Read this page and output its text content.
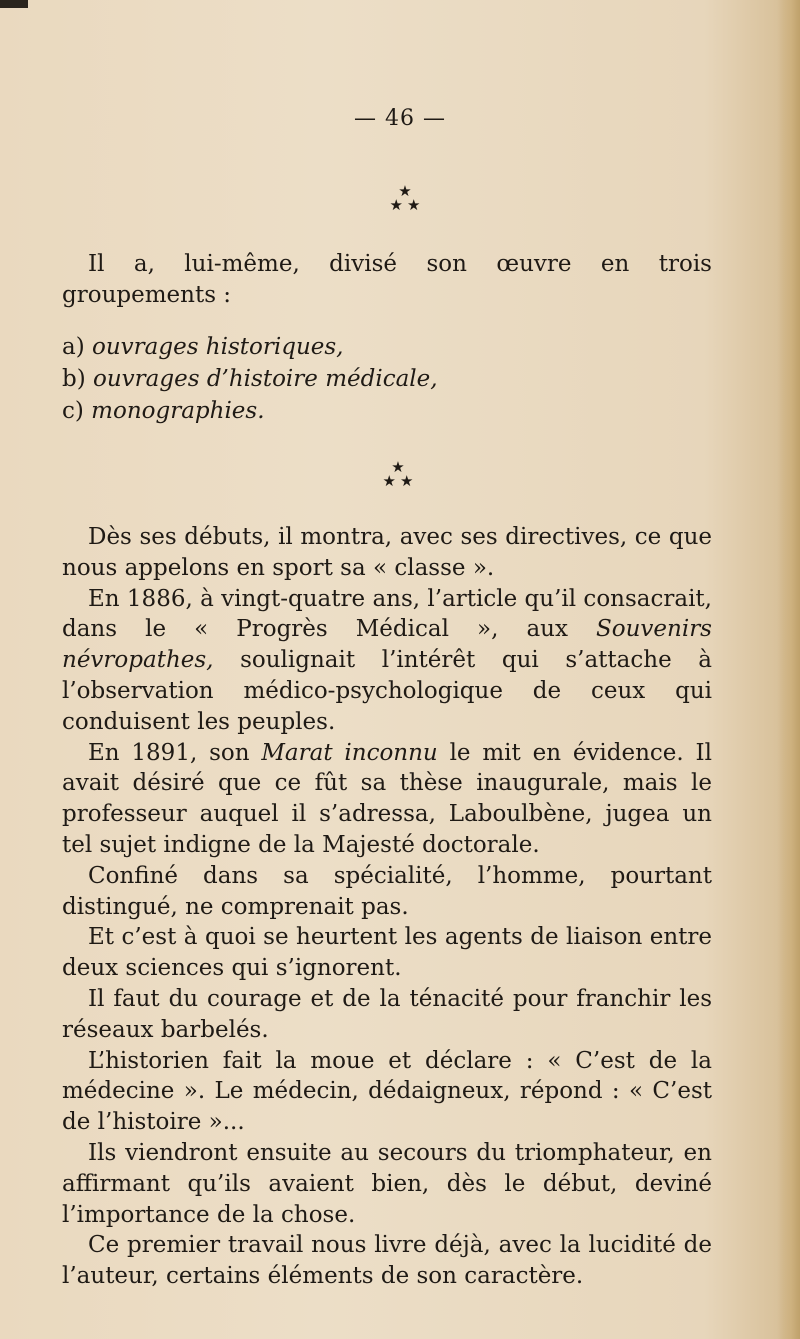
— 46 —
★
★★

Il a, lui-même, divisé son œuvre en trois groupements :

a) ouvrages historiques,
b) ouvrages d’histoire médicale,
c) monographies.
★
★★

Dès ses débuts, il montra, avec ses directives, ce que nous appelons en sport sa « classe ».

En 1886, à vingt-quatre ans, l’article qu’il consacrait, dans le « Progrès Médical », aux Souvenirs névropathes, soulignait l’intérêt qui s’attache à l’observation médico-psychologique de ceux qui conduisent les peuples.

En 1891, son Marat inconnu le mit en évidence. Il avait désiré que ce fût sa thèse inaugurale, mais le professeur auquel il s’adressa, Laboulbène, jugea un tel sujet indigne de la Majesté doctorale.

Confiné dans sa spécialité, l’homme, pourtant distingué, ne comprenait pas.

Et c’est à quoi se heurtent les agents de liaison entre deux sciences qui s’ignorent.

Il faut du courage et de la ténacité pour franchir les réseaux barbelés.

L’historien fait la moue et déclare : « C’est de la médecine ». Le médecin, dédaigneux, répond : « C’est de l’histoire »...

Ils viendront ensuite au secours du triomphateur, en affirmant qu’ils avaient bien, dès le début, deviné l’importance de la chose.

Ce premier travail nous livre déjà, avec la lucidité de l’auteur, certains éléments de son caractère.
